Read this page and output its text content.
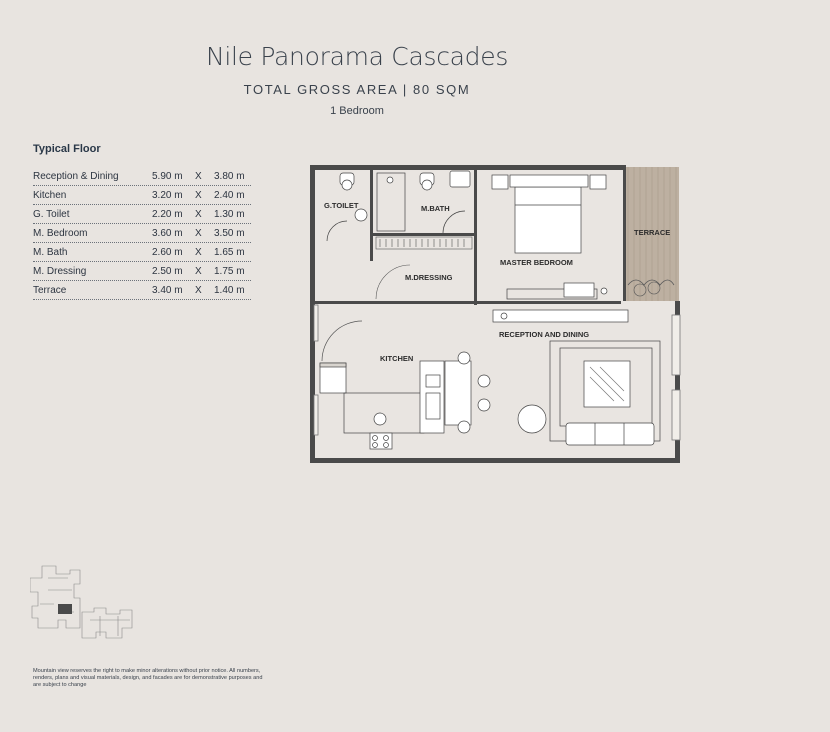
Nile Panorama Cascades
TOTAL GROSS AREA | 80 SQM
1 Bedroom
Typical Floor
Reception & Dining	5.90 m X 3.80 m
Kitchen	3.20 m X 2.40 m
G. Toilet	2.20 m X 1.30 m
M. Bedroom	3.60 m X 3.50 m
M. Bath	2.60 m X 1.65 m
M. Dressing	2.50 m X 1.75 m
Terrace	3.40 m X 1.40 m
G.TOILET	M.BATH
TERRACE
MASTER BEDROOM
M.DRESSING
RECEPTION AND DINING
KITCHEN
Mountain view reserves the right to make minor alterations without prior notice. All numbers, renders, plans and visual materials, design, and facades are for demonstrative purposes and are subject to change
